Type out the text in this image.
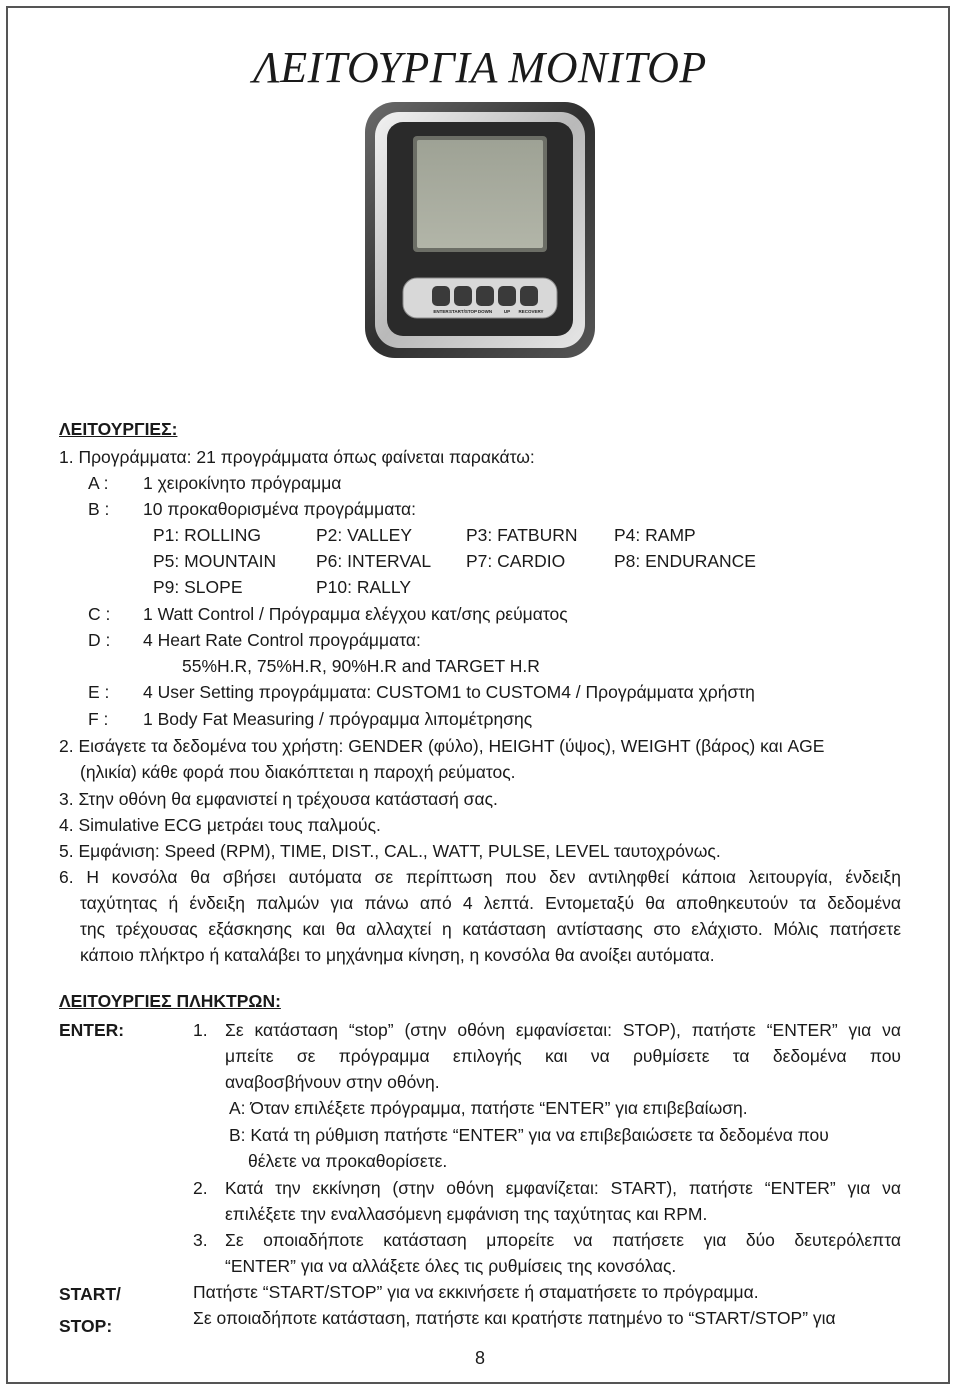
ΛΕΙΤΟΥΡΓΙΑ ΜΟΝΙΤΟΡ
ENTER START/STOP DOWN	UP RECOVERY
ΛΕΙΤΟΥΡΓΙΕΣ:
1. Προγράμματα: 21 προγράμματα όπως φαίνεται παρακάτω:
A : 1 χειροκίνητο πρόγραμμα
B : 10 προκαθορισμένα προγράμματα:
P1: ROLLING	P2: VALLEY	P3: FATBURN P4: RAMP
P5: MOUNTAIN P6: INTERVAL P7: CARDIO	P8: ENDURANCE
P9: SLOPE	P10: RALLY
C : 1 Watt Control / Πρόγραμμα ελέγχου κατ/σης ρεύματος
D : 4 Heart Rate Control προγράμματα:
55%H.R, 75%H.R, 90%H.R and TARGET H.R
E : 4 User Setting προγράμματα: CUSTOM1 to CUSTOM4 / Προγράμματα χρήστη
F : 1 Body Fat Measuring / πρόγραμμα λιπομέτρησης
2. Εισάγετε τα δεδομένα του χρήστη: GENDER (φύλο), HEIGHT (ύψος), WEIGHT (βάρος) και AGE
(ηλικία) κάθε φορά που διακόπτεται η παροχή ρεύματος.
3. Στην οθόνη θα εμφανιστεί η τρέχουσα κατάστασή σας.
4. Simulative ECG μετράει τους παλμούς.
5. Εμφάνιση: Speed (RPM), TIME, DIST., CAL., WATT, PULSE, LEVEL ταυτοχρόνως.
6. Η κονσόλα θα σβήσει αυτόματα σε περίπτωση που δεν αντιληφθεί κάποια λειτουργία, ένδειξη
ταχύτητας ή ένδειξη παλμών για πάνω από 4 λεπτά. Εντομεταξύ θα αποθηκευτούν τα δεδομένα
της τρέχουσας εξάσκησης και θα αλλαχτεί η κατάσταση αντίστασης στο ελάχιστο. Μόλις πατήσετε
κάποιο πλήκτρο ή καταλάβει το μηχάνημα κίνηση, η κονσόλα θα ανοίξει αυτόματα.
ΛΕΙΤΟΥΡΓΙΕΣ ΠΛΗΚΤΡΩΝ:
ENTER:	1. Σε κατάσταση “stop” (στην οθόνη εμφανίσεται: STOP), πατήστε “ENTER” για να
μπείτε σε πρόγραμμα επιλογής και να ρυθμίσετε τα δεδομένα που
αναβοσβήνουν στην οθόνη.
A: Όταν επιλέξετε πρόγραμμα, πατήστε “ENTER” για επιβεβαίωση.
B: Κατά τη ρύθμιση πατήστε “ENTER” για να επιβεβαιώσετε τα δεδομένα που
θέλετε να προκαθορίσετε.
2. Κατά την εκκίνηση (στην οθόνη εμφανίζεται: START), πατήστε “ENTER” για να
επιλέξετε την εναλλασόμενη εμφάνιση της ταχύτητας και RPM.
3. Σε οποιαδήποτε κατάσταση μπορείτε να πατήσετε για δύο δευτερόλεπτα
“ENTER” για να αλλάξετε όλες τις ρυθμίσεις της κονσόλας.
START/
STOP:
Πατήστε “START/STOP” για να εκκινήσετε ή σταματήσετε το πρόγραμμα.
Σε οποιαδήποτε κατάσταση, πατήστε και κρατήστε πατημένο το “START/STOP” για
8
